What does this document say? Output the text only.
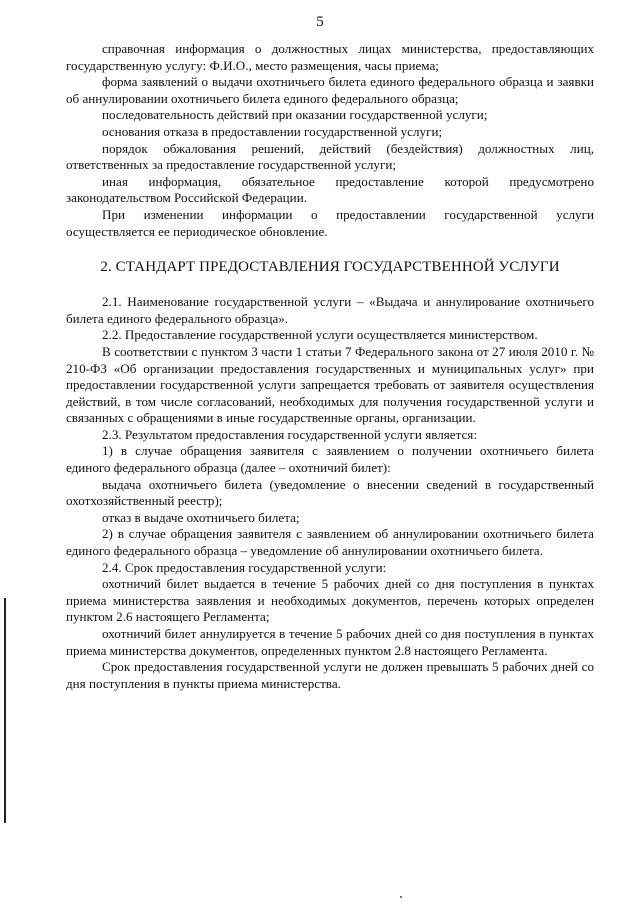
5

справочная информация о должностных лицах министерства, предоставляющих государственную услугу: Ф.И.О., место размещения, часы приема;

форма заявлений о выдачи охотничьего билета единого федерального образца и заявки об аннулировании охотничьего билета единого федерального образца;

последовательность действий при оказании государственной услуги;

основания отказа в предоставлении государственной услуги;

порядок обжалования решений, действий (бездействия) должностных лиц, ответственных за предоставление государственной услуги;

иная информация, обязательное предоставление которой предусмотрено законодательством Российской Федерации.

При изменении информации о предоставлении государственной услуги осуществляется ее периодическое обновление.

2. СТАНДАРТ ПРЕДОСТАВЛЕНИЯ ГОСУДАРСТВЕННОЙ УСЛУГИ

2.1. Наименование государственной услуги – «Выдача и аннулирование охотничьего билета единого федерального образца».

2.2. Предоставление государственной услуги осуществляется министерством.

В соответствии с пунктом 3 части 1 статьи 7 Федерального закона от 27 июля 2010 г. № 210-ФЗ «Об организации предоставления государственных и муниципальных услуг» при предоставлении государственной услуги запрещается требовать от заявителя осуществления действий, в том числе согласований, необходимых для получения государственной услуги и связанных с обращениями в иные государственные органы, организации.

2.3. Результатом предоставления государственной услуги является:

1) в случае обращения заявителя с заявлением о получении охотничьего билета единого федерального образца (далее – охотничий билет):

выдача охотничьего билета (уведомление о внесении сведений в государственный охотхозяйственный реестр);

отказ в выдаче охотничьего билета;

2) в случае обращения заявителя с заявлением об аннулировании охотничьего билета единого федерального образца – уведомление об аннулировании охотничьего билета.

2.4. Срок предоставления государственной услуги:

охотничий билет выдается в течение 5 рабочих дней со дня поступления в пунктах приема министерства заявления и необходимых документов, перечень которых определен пунктом 2.6 настоящего Регламента;

охотничий билет аннулируется в течение 5 рабочих дней со дня поступления в пунктах приема министерства документов, определенных пунктом 2.8 настоящего Регламента.

Срок предоставления государственной услуги не должен превышать 5 рабочих дней со дня поступления в пункты приема министерства.
